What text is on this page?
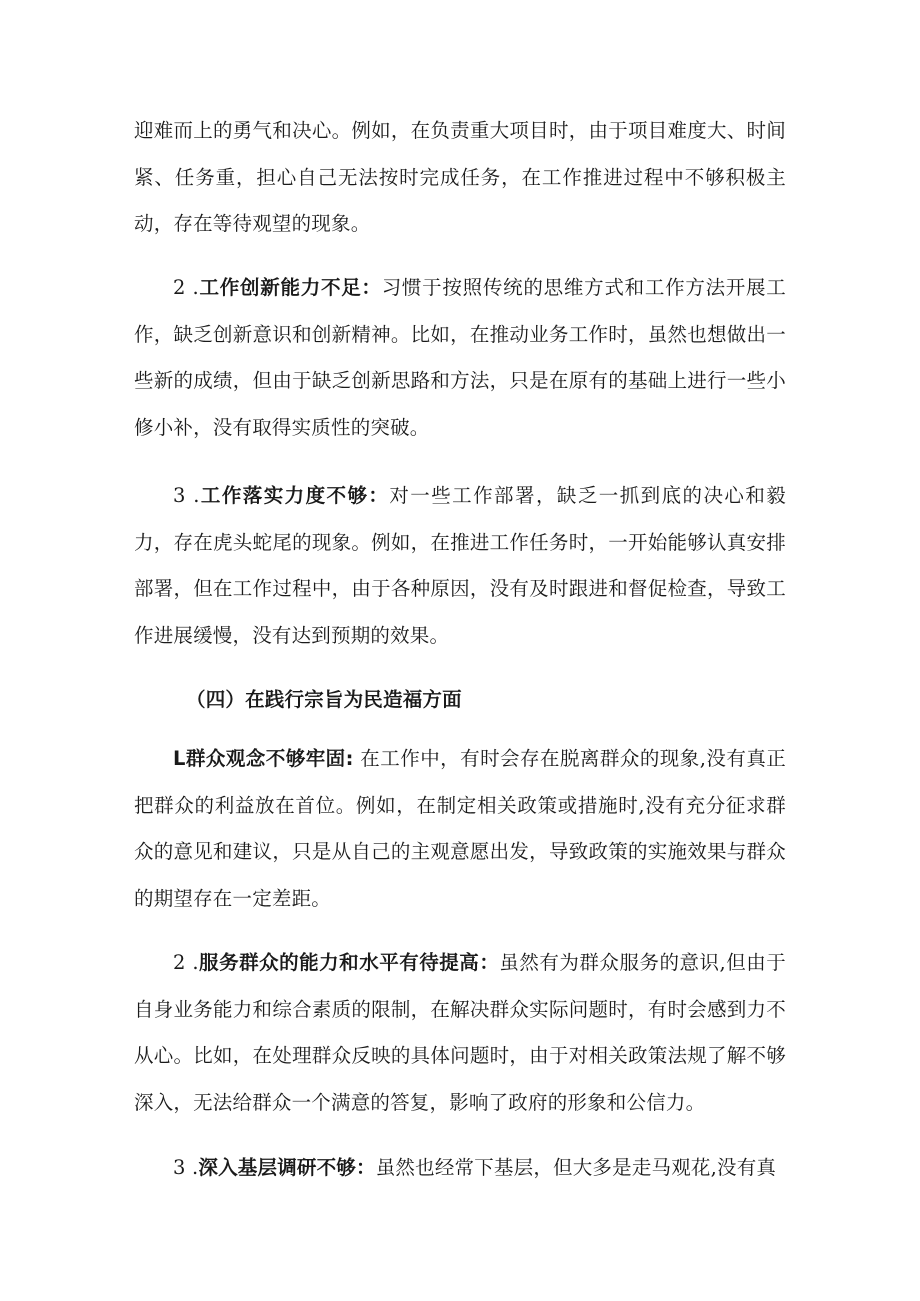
迎难而上的勇气和决心。例如，在负责重大项目时，由于项目难度大、时间紧、任务重，担心自己无法按时完成任务，在工作推进过程中不够积极主动，存在等待观望的现象。

2 .工作创新能力不足：习惯于按照传统的思维方式和工作方法开展工作，缺乏创新意识和创新精神。比如，在推动业务工作时，虽然也想做出一些新的成绩，但由于缺乏创新思路和方法，只是在原有的基础上进行一些小修小补，没有取得实质性的突破。

3 .工作落实力度不够：对一些工作部署，缺乏一抓到底的决心和毅力，存在虎头蛇尾的现象。例如，在推进工作任务时，一开始能够认真安排部署，但在工作过程中，由于各种原因，没有及时跟进和督促检查，导致工作进展缓慢，没有达到预期的效果。

（四）在践行宗旨为民造福方面

L群众观念不够牢固: 在工作中，有时会存在脱离群众的现象,没有真正把群众的利益放在首位。例如，在制定相关政策或措施时,没有充分征求群众的意见和建议，只是从自己的主观意愿出发，导致政策的实施效果与群众的期望存在一定差距。

2 .服务群众的能力和水平有待提高：虽然有为群众服务的意识,但由于自身业务能力和综合素质的限制，在解决群众实际问题时，有时会感到力不从心。比如，在处理群众反映的具体问题时，由于对相关政策法规了解不够深入，无法给群众一个满意的答复，影响了政府的形象和公信力。

3 .深入基层调研不够：虽然也经常下基层，但大多是走马观花,没有真
